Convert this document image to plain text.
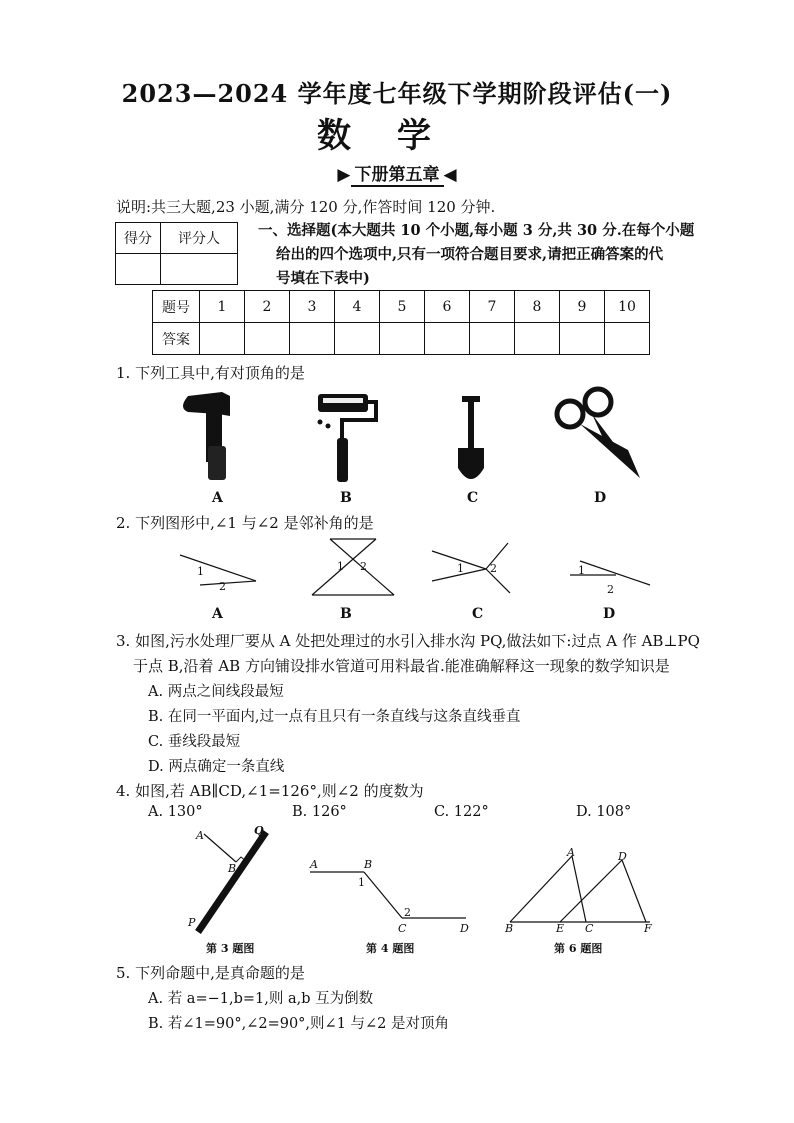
2023—2024 学年度七年级下学期阶段评估(一)
数学
▶ 下册第五章 ◀
说明:共三大题,23 小题,满分 120 分,作答时间 120 分钟.
得分	评分人
		一、选择题(本大题共 10 个小题,每小题 3 分,共 30 分.在每个小题
给出的四个选项中,只有一项符合题目要求,请把正确答案的代
号填在下表中)
题号	1	2	3	4	5	6	7	8	9	10
答案										
1. 下列工具中,有对顶角的是
A	B	C	D
2. 下列图形中,∠1 与∠2 是邻补角的是
1
2
1 2	1 2	1
2
A	B	C	D
3. 如图,污水处理厂要从 A 处把处理过的水引入排水沟 PQ,做法如下:过点 A 作 AB⊥PQ
于点 B,沿着 AB 方向铺设排水管道可用料最省.能准确解释这一现象的数学知识是
A. 两点之间线段最短
B. 在同一平面内,过一点有且只有一条直线与这条直线垂直
C. 垂线段最短
D. 两点确定一条直线
4. 如图,若 AB∥CD,∠1=126°,则∠2 的度数为
A. 130°	B. 126°	C. 122°	D. 108°
A
B
Q
P
第 3 题图
A	B
1
2
C	D
第 4 题图
A	D
B	E C	F
第 6 题图
5. 下列命题中,是真命题的是
A. 若 a=−1,b=1,则 a,b 互为倒数
B. 若∠1=90°,∠2=90°,则∠1 与∠2 是对顶角
